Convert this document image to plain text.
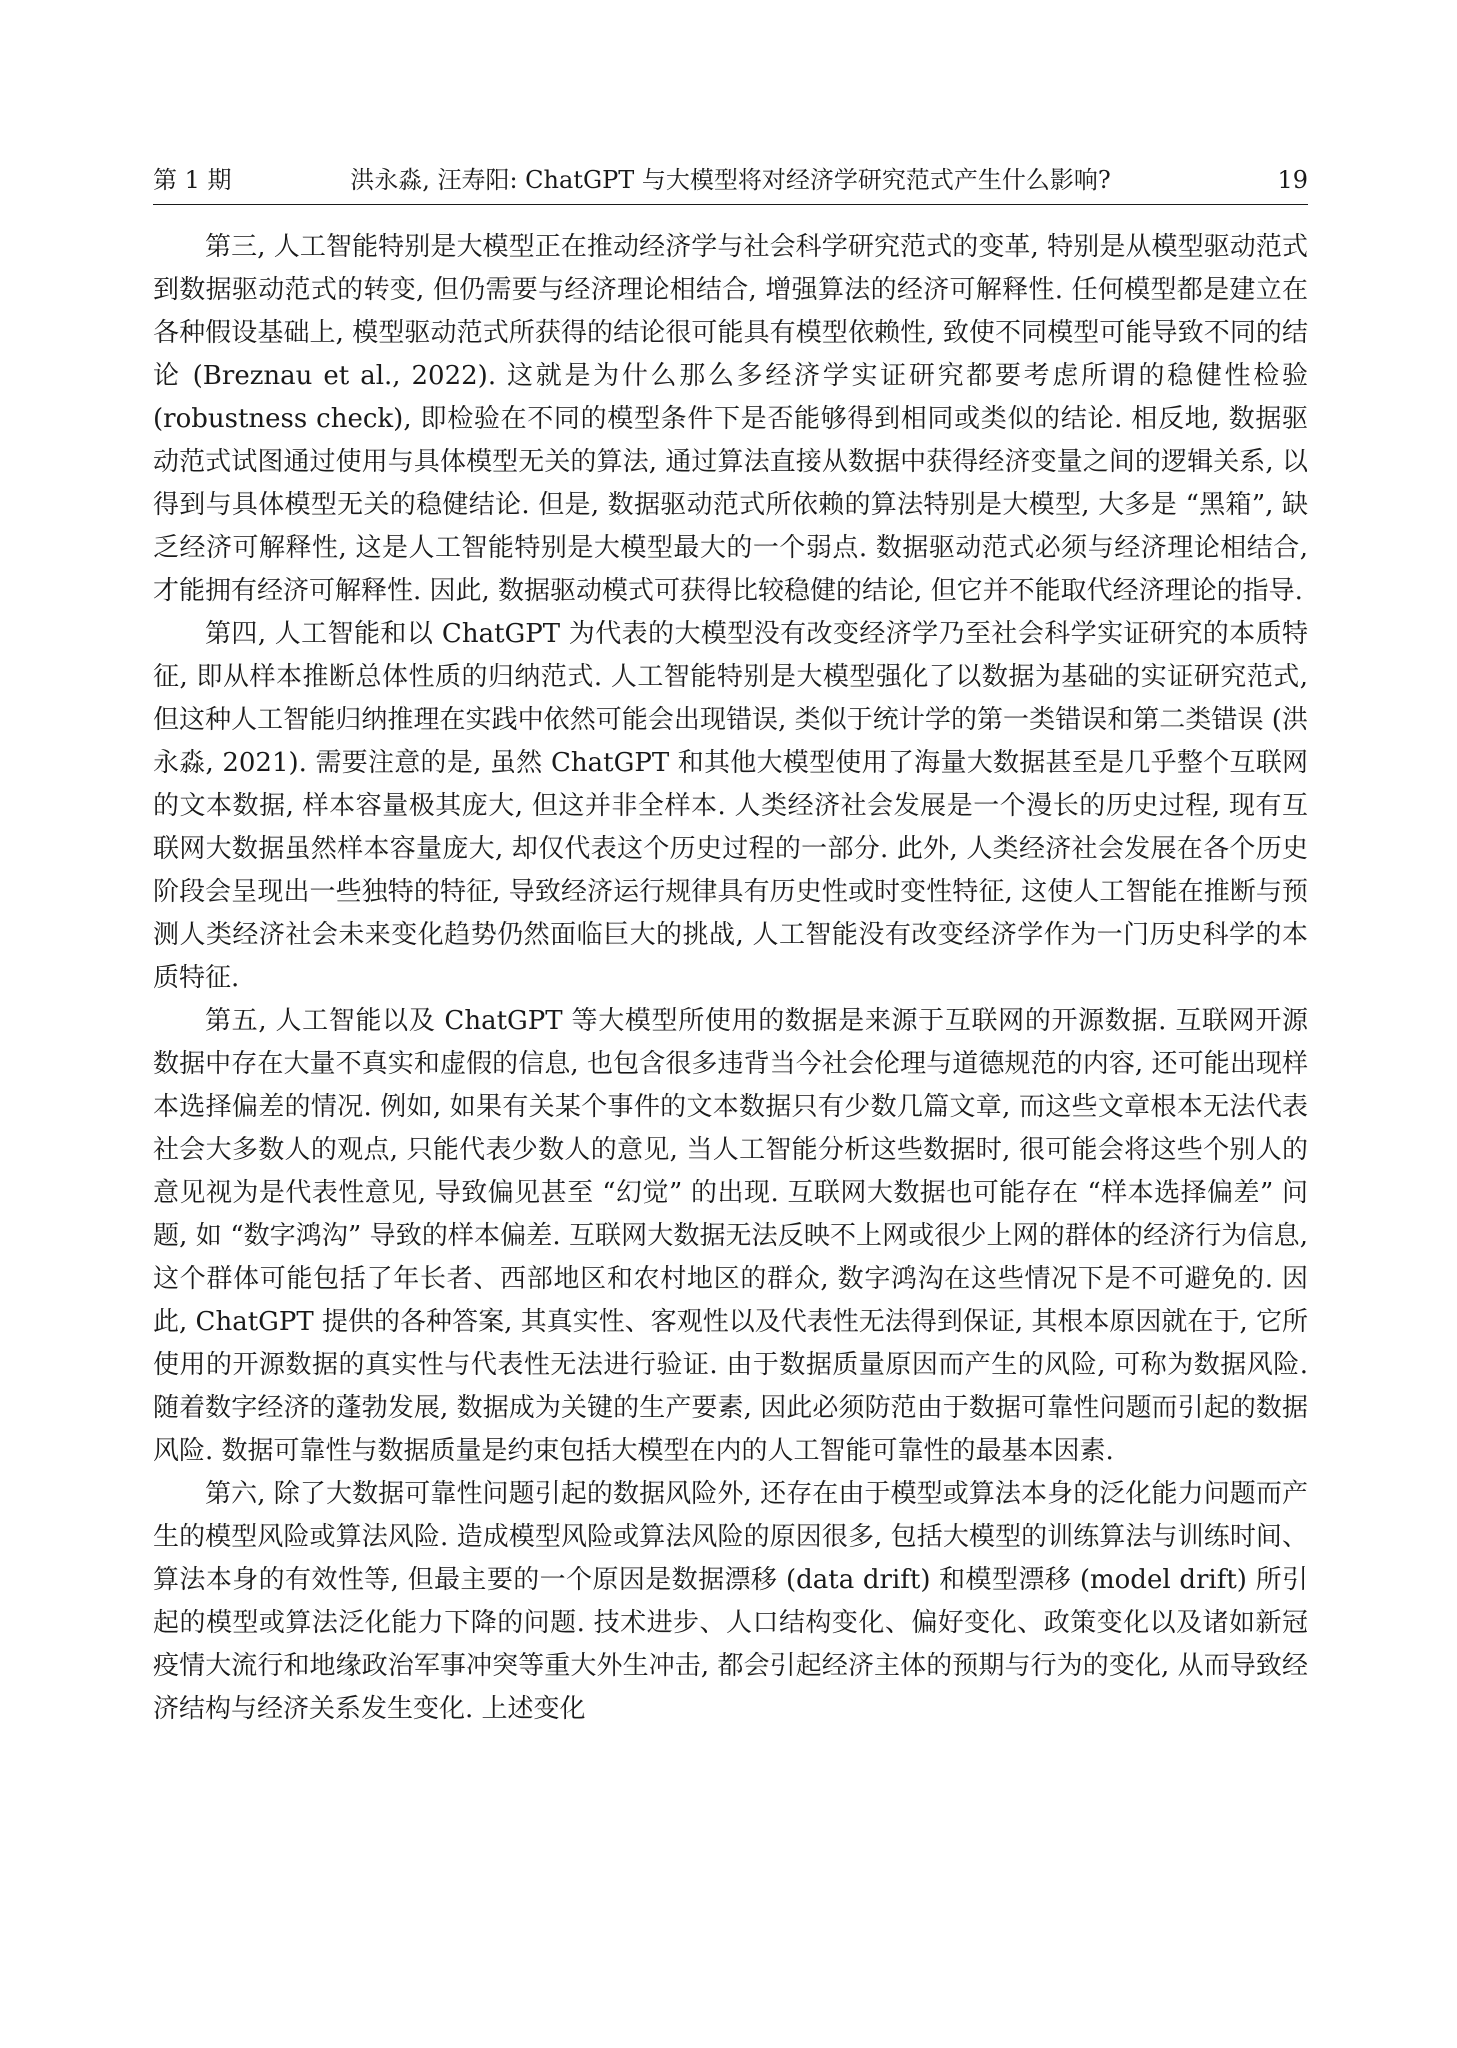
第 1 期	洪永淼, 汪寿阳: ChatGPT 与大模型将对经济学研究范式产生什么影响?	19

第三, 人工智能特别是大模型正在推动经济学与社会科学研究范式的变革, 特别是从模型驱动范式到数据驱动范式的转变, 但仍需要与经济理论相结合, 增强算法的经济可解释性. 任何模型都是建立在各种假设基础上, 模型驱动范式所获得的结论很可能具有模型依赖性, 致使不同模型可能导致不同的结论 (Breznau et al., 2022). 这就是为什么那么多经济学实证研究都要考虑所谓的稳健性检验 (robustness check), 即检验在不同的模型条件下是否能够得到相同或类似的结论. 相反地, 数据驱动范式试图通过使用与具体模型无关的算法, 通过算法直接从数据中获得经济变量之间的逻辑关系, 以得到与具体模型无关的稳健结论. 但是, 数据驱动范式所依赖的算法特别是大模型, 大多是 “黑箱”, 缺乏经济可解释性, 这是人工智能特别是大模型最大的一个弱点. 数据驱动范式必须与经济理论相结合, 才能拥有经济可解释性. 因此, 数据驱动模式可获得比较稳健的结论, 但它并不能取代经济理论的指导.

第四, 人工智能和以 ChatGPT 为代表的大模型没有改变经济学乃至社会科学实证研究的本质特征, 即从样本推断总体性质的归纳范式. 人工智能特别是大模型强化了以数据为基础的实证研究范式, 但这种人工智能归纳推理在实践中依然可能会出现错误, 类似于统计学的第一类错误和第二类错误 (洪永淼, 2021). 需要注意的是, 虽然 ChatGPT 和其他大模型使用了海量大数据甚至是几乎整个互联网的文本数据, 样本容量极其庞大, 但这并非全样本. 人类经济社会发展是一个漫长的历史过程, 现有互联网大数据虽然样本容量庞大, 却仅代表这个历史过程的一部分. 此外, 人类经济社会发展在各个历史阶段会呈现出一些独特的特征, 导致经济运行规律具有历史性或时变性特征, 这使人工智能在推断与预测人类经济社会未来变化趋势仍然面临巨大的挑战, 人工智能没有改变经济学作为一门历史科学的本质特征.

第五, 人工智能以及 ChatGPT 等大模型所使用的数据是来源于互联网的开源数据. 互联网开源数据中存在大量不真实和虚假的信息, 也包含很多违背当今社会伦理与道德规范的内容, 还可能出现样本选择偏差的情况. 例如, 如果有关某个事件的文本数据只有少数几篇文章, 而这些文章根本无法代表社会大多数人的观点, 只能代表少数人的意见, 当人工智能分析这些数据时, 很可能会将这些个别人的意见视为是代表性意见, 导致偏见甚至 “幻觉” 的出现. 互联网大数据也可能存在 “样本选择偏差” 问题, 如 “数字鸿沟” 导致的样本偏差. 互联网大数据无法反映不上网或很少上网的群体的经济行为信息, 这个群体可能包括了年长者、西部地区和农村地区的群众, 数字鸿沟在这些情况下是不可避免的. 因此, ChatGPT 提供的各种答案, 其真实性、客观性以及代表性无法得到保证, 其根本原因就在于, 它所使用的开源数据的真实性与代表性无法进行验证. 由于数据质量原因而产生的风险, 可称为数据风险. 随着数字经济的蓬勃发展, 数据成为关键的生产要素, 因此必须防范由于数据可靠性问题而引起的数据风险. 数据可靠性与数据质量是约束包括大模型在内的人工智能可靠性的最基本因素.

第六, 除了大数据可靠性问题引起的数据风险外, 还存在由于模型或算法本身的泛化能力问题而产生的模型风险或算法风险. 造成模型风险或算法风险的原因很多, 包括大模型的训练算法与训练时间、算法本身的有效性等, 但最主要的一个原因是数据漂移 (data drift) 和模型漂移 (model drift) 所引起的模型或算法泛化能力下降的问题. 技术进步、人口结构变化、偏好变化、政策变化以及诸如新冠疫情大流行和地缘政治军事冲突等重大外生冲击, 都会引起经济主体的预期与行为的变化, 从而导致经济结构与经济关系发生变化. 上述变化
